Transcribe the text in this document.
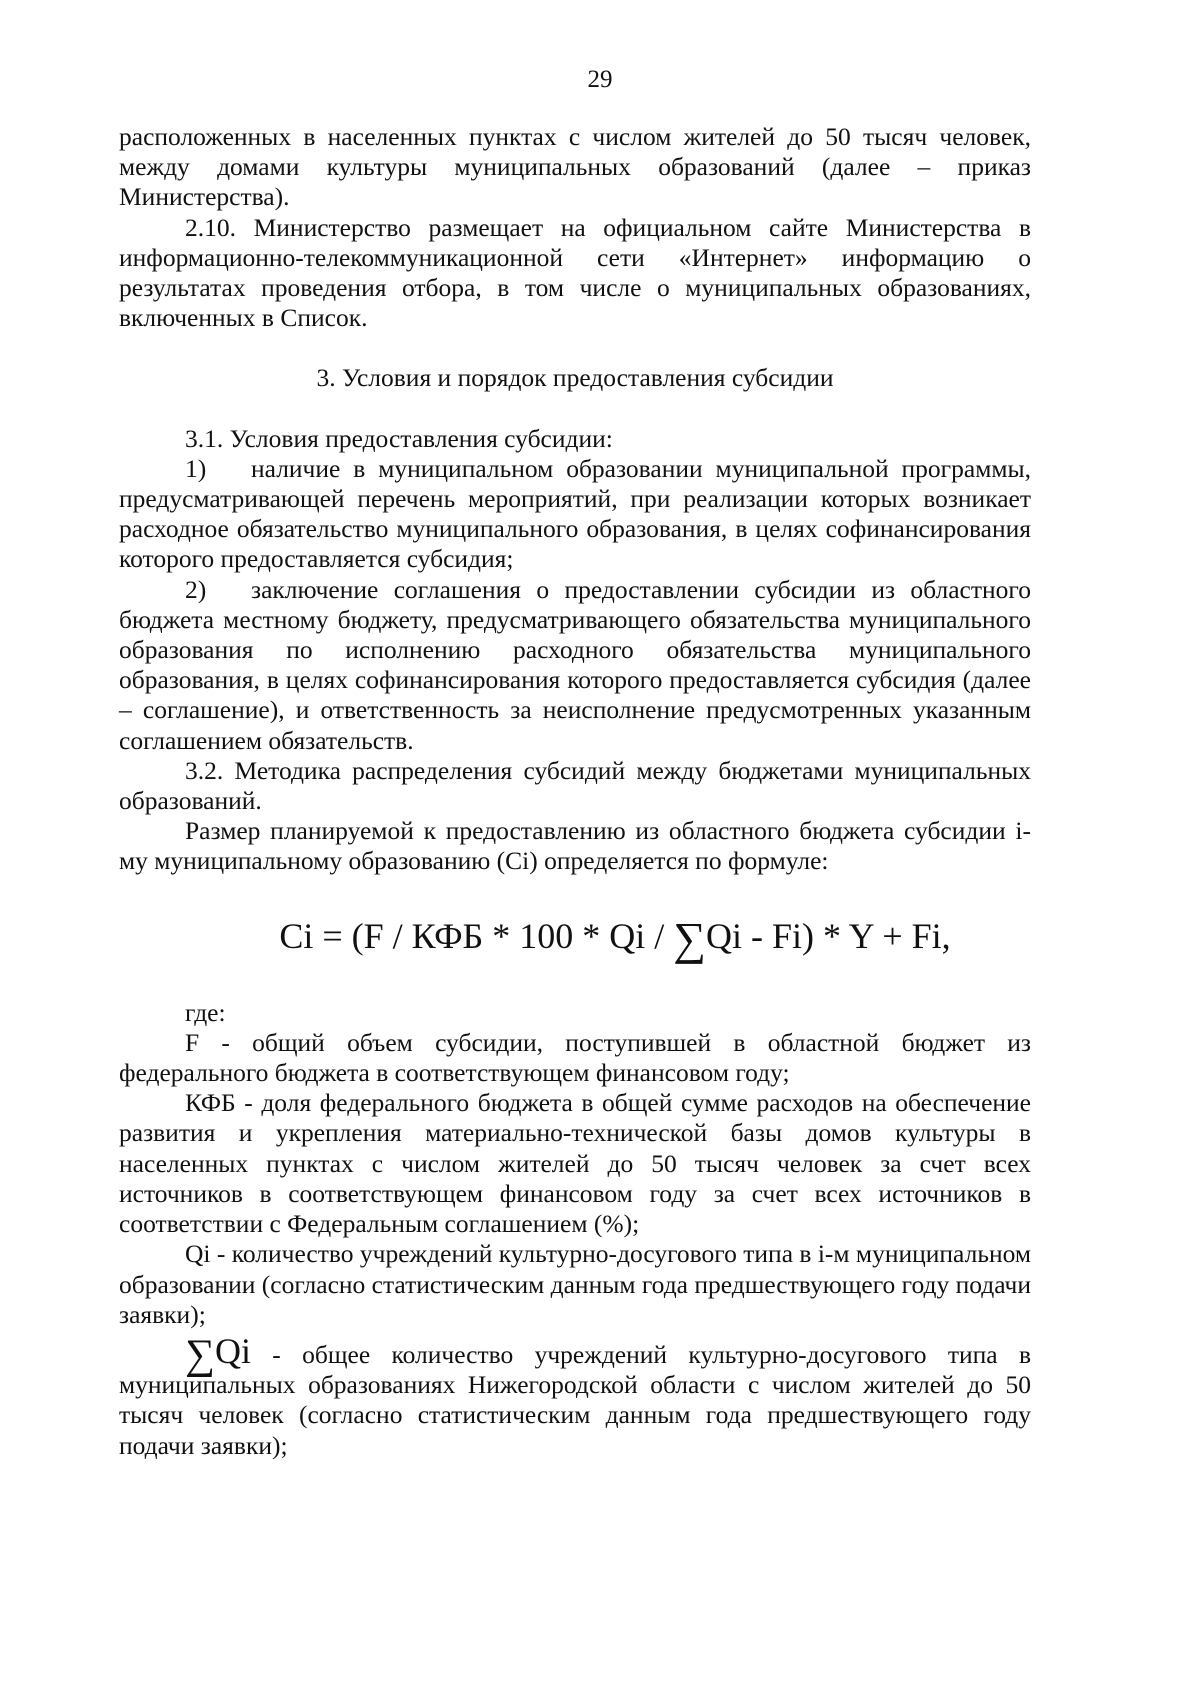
29

расположенных в населенных пунктах с числом жителей до 50 тысяч человек, между домами культуры муниципальных образований (далее – приказ Министерства).

2.10. Министерство размещает на официальном сайте Министерства в информационно-телекоммуникационной сети «Интернет» информацию о результатах проведения отбора, в том числе о муниципальных образованиях, включенных в Список.

3. Условия и порядок предоставления субсидии

3.1. Условия предоставления субсидии:

1) наличие в муниципальном образовании муниципальной программы, предусматривающей перечень мероприятий, при реализации которых возникает расходное обязательство муниципального образования, в целях софинансирования которого предоставляется субсидия;

2) заключение соглашения о предоставлении субсидии из областного бюджета местному бюджету, предусматривающего обязательства муниципального образования по исполнению расходного обязательства муниципального образования, в целях софинансирования которого предоставляется субсидия (далее – соглашение), и ответственность за неисполнение предусмотренных указанным соглашением обязательств.

3.2. Методика распределения субсидий между бюджетами муниципальных образований.

Размер планируемой к предоставлению из областного бюджета субсидии i-му муниципальному образованию (Ci) определяется по формуле:

Ci = (F / КФБ * 100 * Qi / ∑Qi - Fi) * Y + Fi,

где:

F - общий объем субсидии, поступившей в областной бюджет из федерального бюджета в соответствующем финансовом году;

КФБ - доля федерального бюджета в общей сумме расходов на обеспечение развития и укрепления материально-технической базы домов культуры в населенных пунктах с числом жителей до 50 тысяч человек за счет всех источников в соответствующем финансовом году за счет всех источников в соответствии с Федеральным соглашением (%);

Qi - количество учреждений культурно-досугового типа в i-м муниципальном образовании (согласно статистическим данным года предшествующего году подачи заявки);

∑Qi - общее количество учреждений культурно-досугового типа в муниципальных образованиях Нижегородской области с числом жителей до 50 тысяч человек (согласно статистическим данным года предшествующего году подачи заявки);
